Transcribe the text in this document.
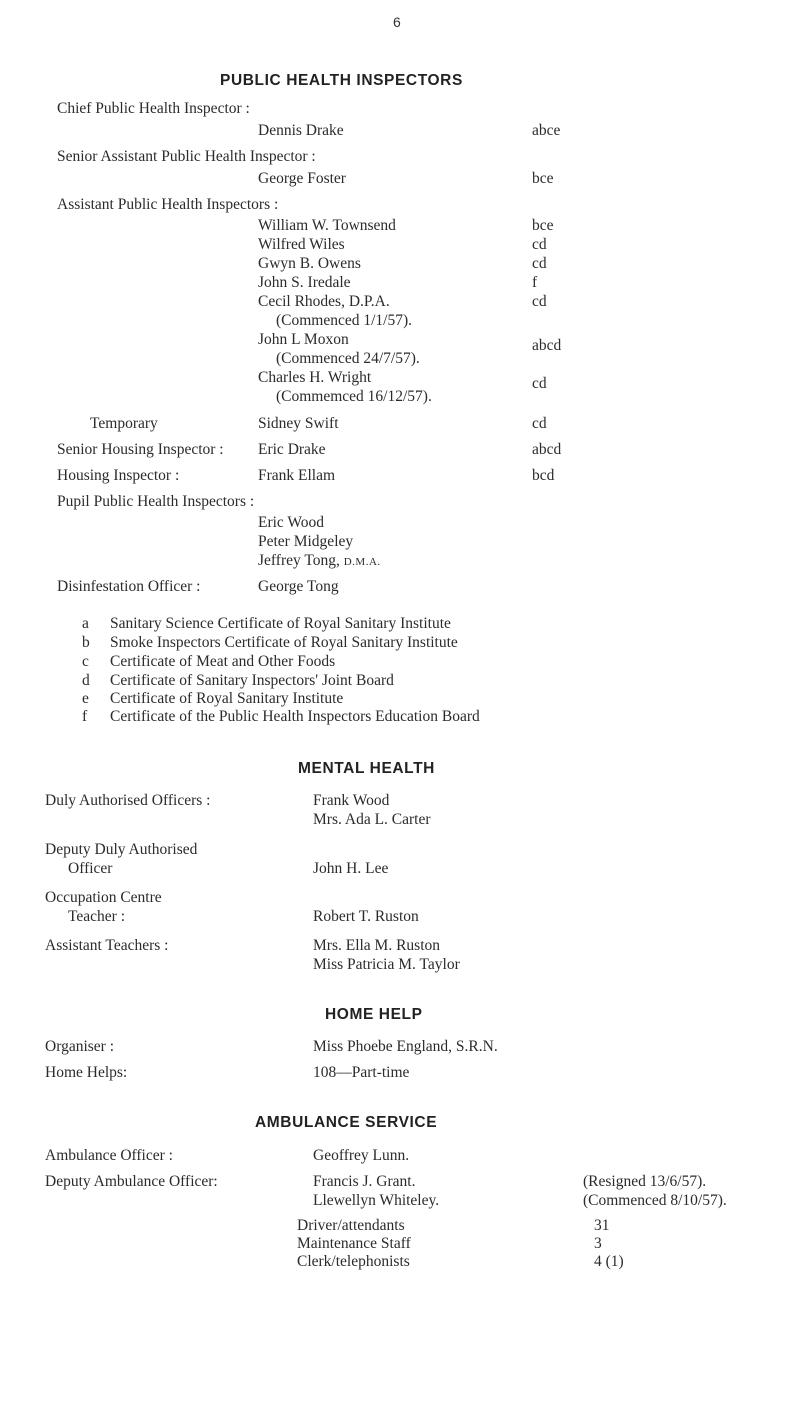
6
PUBLIC HEALTH INSPECTORS
Chief Public Health Inspector :
Dennis Drake	abce
Senior Assistant Public Health Inspector :
George Foster	bce
Assistant Public Health Inspectors :
William W. Townsend	bce
Wilfred Wiles	cd
Gwyn B. Owens	cd
John S. Iredale	f
Cecil Rhodes, D.P.A.	cd
(Commenced 1/1/57).
John L Moxon	abcd
(Commenced 24/7/57).
Charles H. Wright	cd
(Commemced 16/12/57).
Temporary	Sidney Swift	cd
Senior Housing Inspector : Eric Drake	abcd
Housing Inspector :	Frank Ellam	bcd
Pupil Public Health Inspectors :
Eric Wood
Peter Midgeley
Jeffrey Tong, D.M.A.
Disinfestation Officer :	George Tong
a Sanitary Science Certificate of Royal Sanitary Institute
b Smoke Inspectors Certificate of Royal Sanitary Institute
c Certificate of Meat and Other Foods
d Certificate of Sanitary Inspectors' Joint Board
e Certificate of Royal Sanitary Institute
f Certificate of the Public Health Inspectors Education Board
MENTAL HEALTH
Duly Authorised Officers :	Frank Wood
Mrs. Ada L. Carter
Deputy Duly Authorised
Officer	John H. Lee
Occupation Centre
Teacher :	Robert T. Ruston
Assistant Teachers :	Mrs. Ella M. Ruston
Miss Patricia M. Taylor
HOME HELP
Organiser :	Miss Phoebe England, S.R.N.
Home Helps:	108—Part-time
AMBULANCE SERVICE
Ambulance Officer :	Geoffrey Lunn.
Deputy Ambulance Officer:	Francis J. Grant.	(Resigned 13/6/57).
Llewellyn Whiteley.	(Commenced 8/10/57).
Driver/attendants	31
Maintenance Staff	3
Clerk/telephonists	4 (1)
